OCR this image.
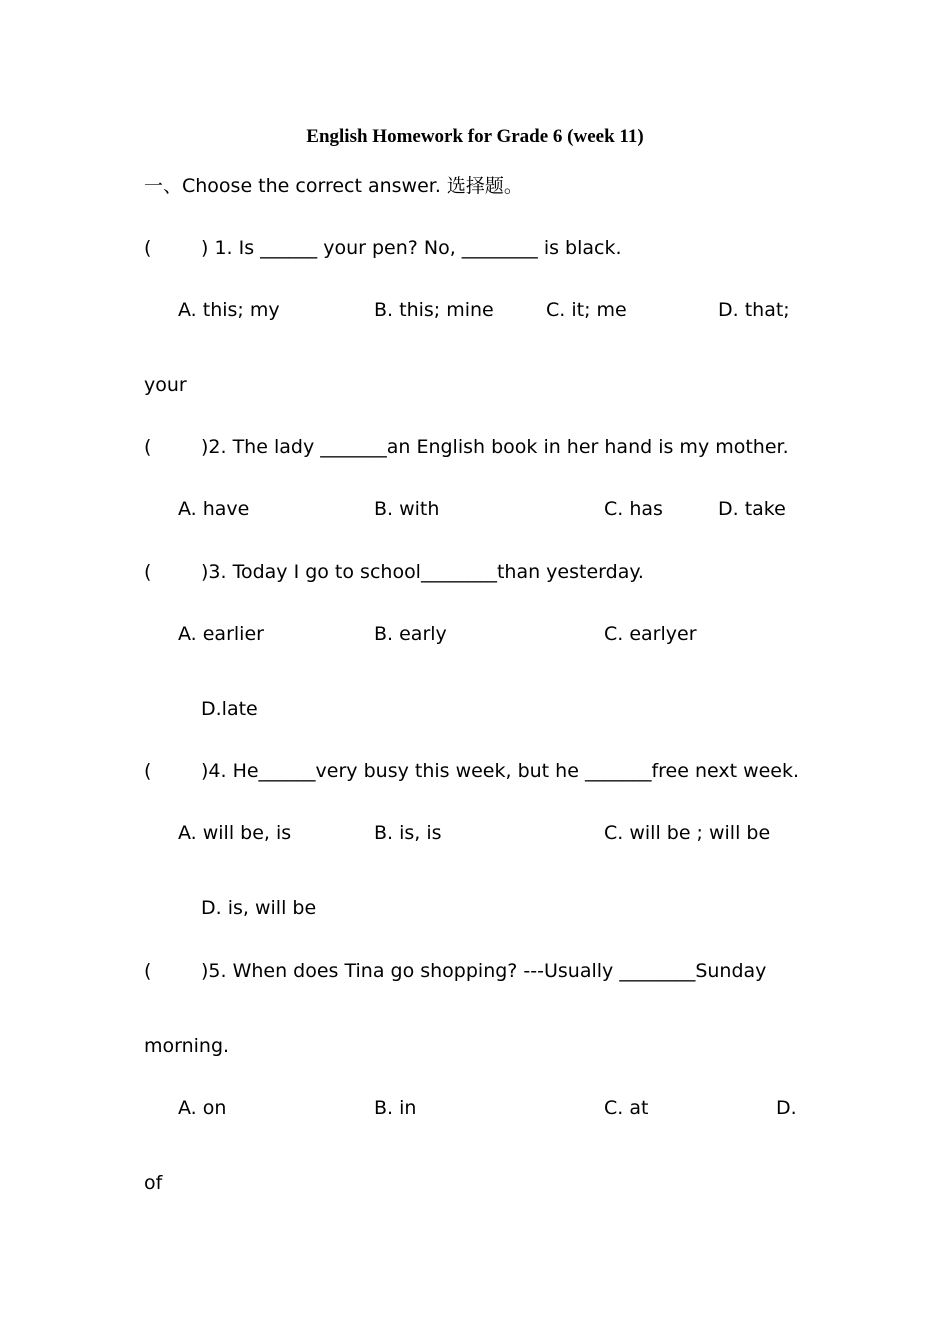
English Homework for Grade 6 (week 11)
一、Choose the correct answer. 选择题。
(	) 1. Is ______ your pen? No, ________ is black.
A. this; my	B. this; mine	C. it; me	D. that;
your
(	)2. The lady _______an English book in her hand is my mother.
A. have	B. with	C. has	D. take
(	)3. Today I go to school________than yesterday.
A. earlier	B. early	C. earlyer
D.late
(	)4. He______very busy this week, but he _______free next week.
A. will be, is	B. is, is	C. will be ; will be
D. is, will be
(	)5. When does Tina go shopping? ---Usually ________Sunday
morning.
A. on	B. in	C. at	D.
of
